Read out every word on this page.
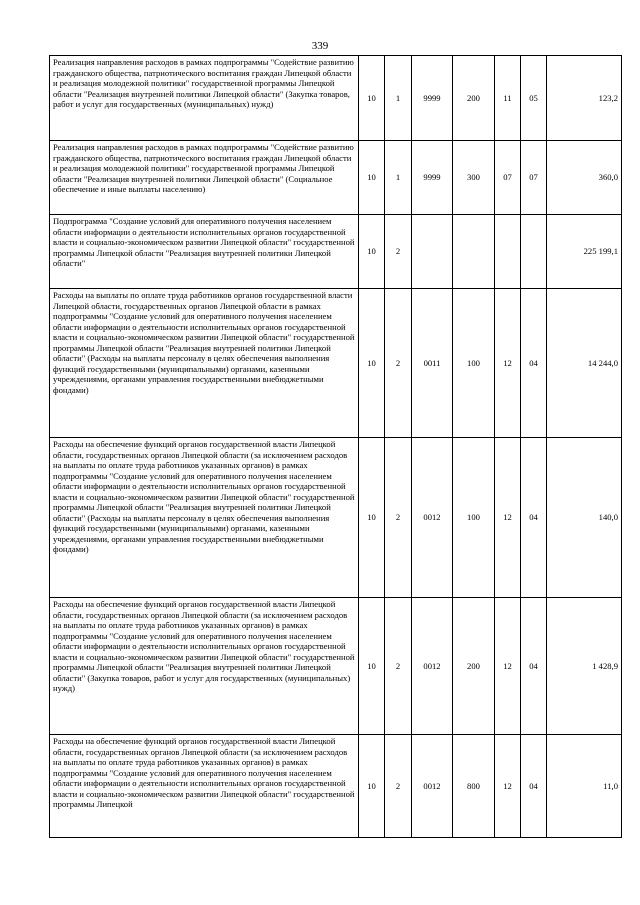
339
Реализация направления расходов в рамках подпрограммы "Содействие развитию гражданского общества, патриотического воспитания граждан Липецкой области и реализация молодежной политики" государственной программы Липецкой области "Реализация внутренней политики Липецкой области" (Закупка товаров, работ и услуг для государственных (муниципальных) нужд)	10	1	9999	200	11	05	123,2
Реализация направления расходов в рамках подпрограммы "Содействие развитию гражданского общества, патриотического воспитания граждан Липецкой области и реализация молодежной политики" государственной программы Липецкой области "Реализация внутренней политики Липецкой области" (Социальное обеспечение и иные выплаты населению)	10	1	9999	300	07	07	360,0
Подпрограмма "Создание условий для оперативного получения населением области информации о деятельности исполнительных органов государственной власти и социально-экономическом развитии Липецкой области" государственной программы Липецкой области "Реализация внутренней политики Липецкой области"	10	2					225 199,1
Расходы на выплаты по оплате труда работников органов государственной власти Липецкой области, государственных органов Липецкой области в рамках подпрограммы "Создание условий для оперативного получения населением области информации о деятельности исполнительных органов государственной власти и социально-экономическом развитии Липецкой области" государственной программы Липецкой области "Реализация внутренней политики Липецкой области" (Расходы на выплаты персоналу в целях обеспечения выполнения функций государственными (муниципальными) органами, казенными учреждениями, органами управления государственными внебюджетными фондами)	10	2	0011	100	12	04	14 244,0
Расходы на обеспечение функций органов государственной власти Липецкой области, государственных органов Липецкой области (за исключением расходов на выплаты по оплате труда работников указанных органов) в рамках подпрограммы "Создание условий для оперативного получения населением области информации о деятельности исполнительных органов государственной власти и социально-экономическом развитии Липецкой области" государственной программы Липецкой области "Реализация внутренней политики Липецкой области" (Расходы на выплаты персоналу в целях обеспечения выполнения функций государственными (муниципальными) органами, казенными учреждениями, органами управления государственными внебюджетными фондами)	10	2	0012	100	12	04	140,0
Расходы на обеспечение функций органов государственной власти Липецкой области, государственных органов Липецкой области (за исключением расходов на выплаты по оплате труда работников указанных органов) в рамках подпрограммы "Создание условий для оперативного получения населением области информации о деятельности исполнительных органов государственной власти и социально-экономическом развитии Липецкой области" государственной программы Липецкой области "Реализация внутренней политики Липецкой области" (Закупка товаров, работ и услуг для государственных (муниципальных) нужд)	10	2	0012	200	12	04	1 428,9
Расходы на обеспечение функций органов государственной власти Липецкой области, государственных органов Липецкой области (за исключением расходов на выплаты по оплате труда работников указанных органов) в рамках подпрограммы "Создание условий для оперативного получения населением области информации о деятельности исполнительных органов государственной власти и социально-экономическом развитии Липецкой области" государственной программы Липецкой	10	2	0012	800	12	04	11,0
